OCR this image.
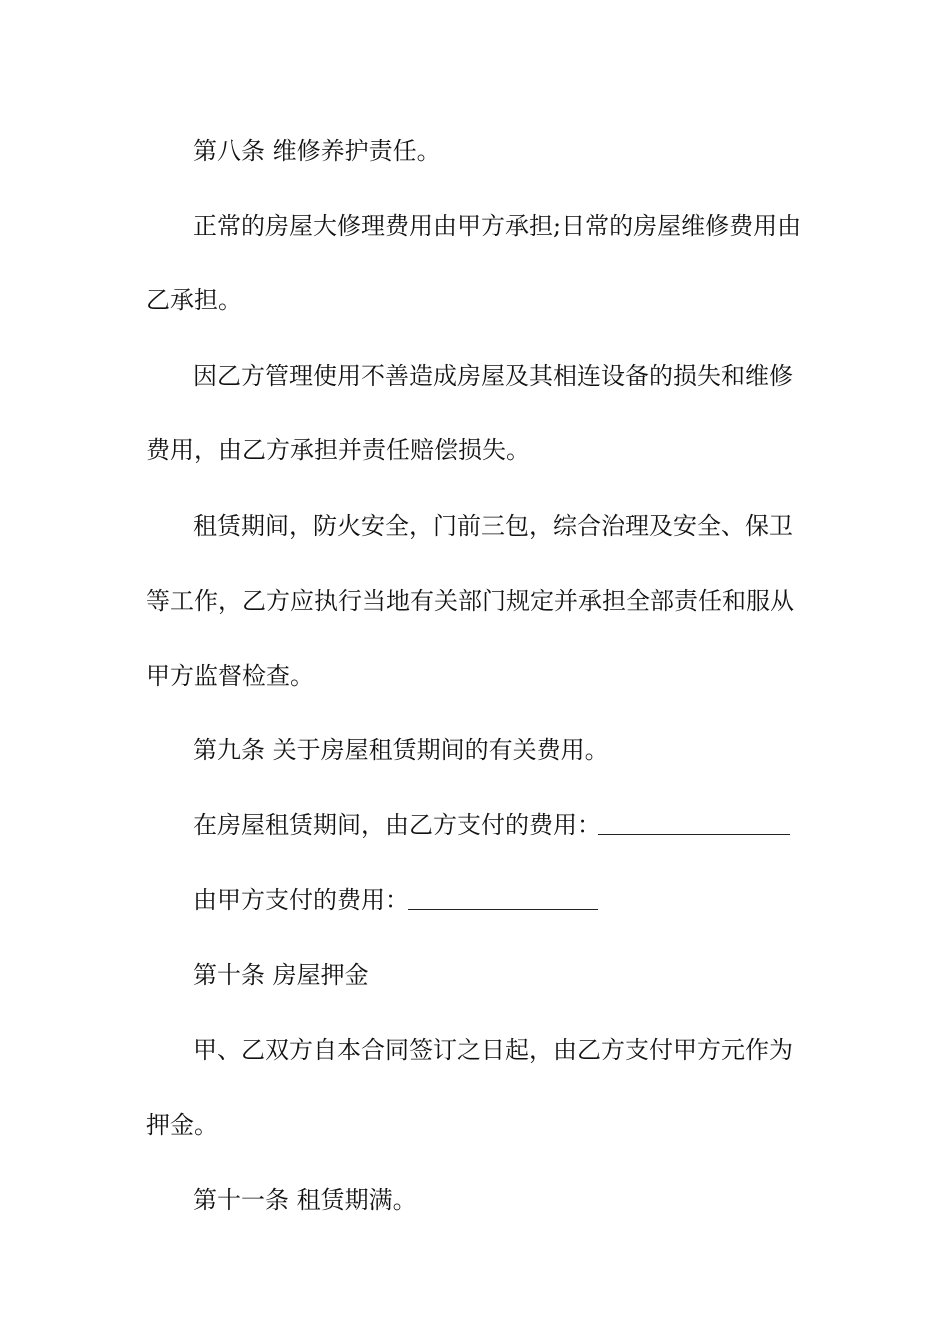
第八条 维修养护责任。
正常的房屋大修理费用由甲方承担;日常的房屋维修费用由
乙承担。
因乙方管理使用不善造成房屋及其相连设备的损失和维修
费用，由乙方承担并责任赔偿损失。
租赁期间，防火安全，门前三包，综合治理及安全、保卫
等工作，乙方应执行当地有关部门规定并承担全部责任和服从
甲方监督检查。
第九条 关于房屋租赁期间的有关费用。
在房屋租赁期间，由乙方支付的费用：
由甲方支付的费用：
第十条 房屋押金
甲、乙双方自本合同签订之日起，由乙方支付甲方元作为
押金。
第十一条 租赁期满。
